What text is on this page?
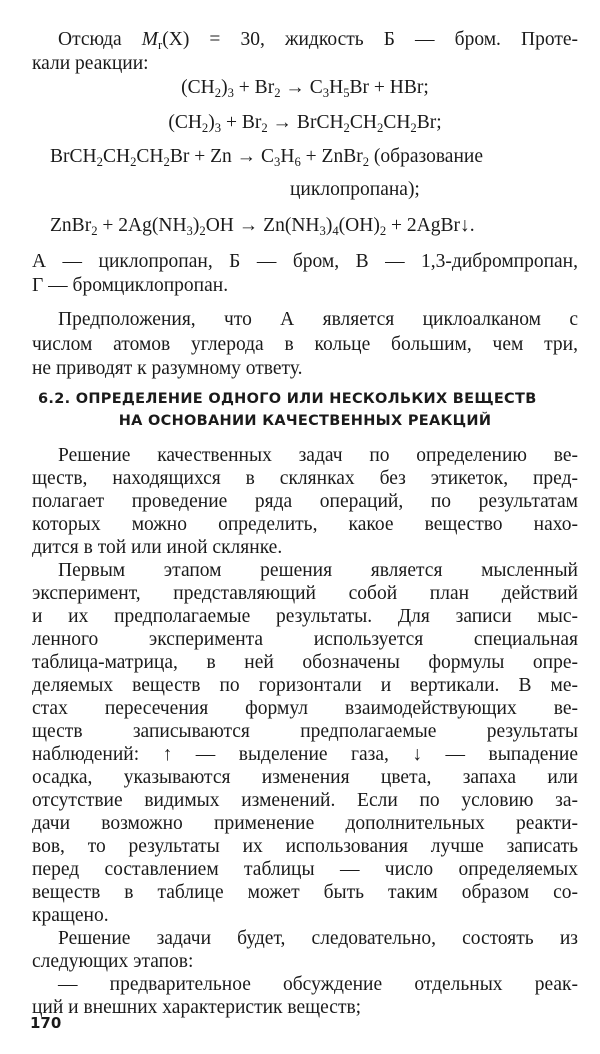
Отсюда $M_r(X) = 30$, жидкость Б — бром. Проте-
кали реакции:
$(CH_2)_3 + Br_2 \to C_3H_5Br$ + HBr;
$(CH_2)_3 + Br_2$ → $BrCH_2CH_2CH_2Br$;
$BrCH_2CH_2CH_2Br + Zn \to C_3H_6$ + ZnBr$_2$ (образование
циклопропана);
ZnBr$_2$ + $2Ag(NH_3)_2OH \to Zn(NH_3)_4(OH)_2$ + 2AgBr↓.
А — циклопропан, Б — бром, В — 1,3-дибромпропан,
Г — бромциклопропан.
Предположения, что А является циклоалканом с
числом атомов углерода в кольце большим, чем три,
не приводят к разумному ответу.
6.2. ОПРЕДЕЛЕНИЕ ОДНОГО ИЛИ НЕСКОЛЬКИХ ВЕЩЕСТВ
НА ОСНОВАНИИ КАЧЕСТВЕННЫХ РЕАКЦИЙ
Решение качественных задач по определению ве-
ществ, находящихся в склянках без этикеток, пред-
полагает проведение ряда операций, по результатам
которых можно определить, какое вещество нахо-
дится в той или иной склянке.
Первым этапом решения является мысленный
эксперимент, представляющий собой план действий
и их предполагаемые результаты. Для записи мыс-
ленного эксперимента используется специальная
таблица-матрица, в ней обозначены формулы опре-
деляемых веществ по горизонтали и вертикали. В ме-
стах пересечения формул взаимодействующих ве-
ществ записываются предполагаемые результаты
наблюдений: ↑ — выделение газа, ↓ — выпадение
осадка, указываются изменения цвета, запаха или
отсутствие видимых изменений. Если по условию за-
дачи возможно применение дополнительных реакти-
вов, то результаты их использования лучше записать
перед составлением таблицы — число определяемых
веществ в таблице может быть таким образом со-
кращено.
Решение задачи будет, следовательно, состоять из
следующих этапов:
— предварительное обсуждение отдельных реак-
ций и внешних характеристик веществ;
170
